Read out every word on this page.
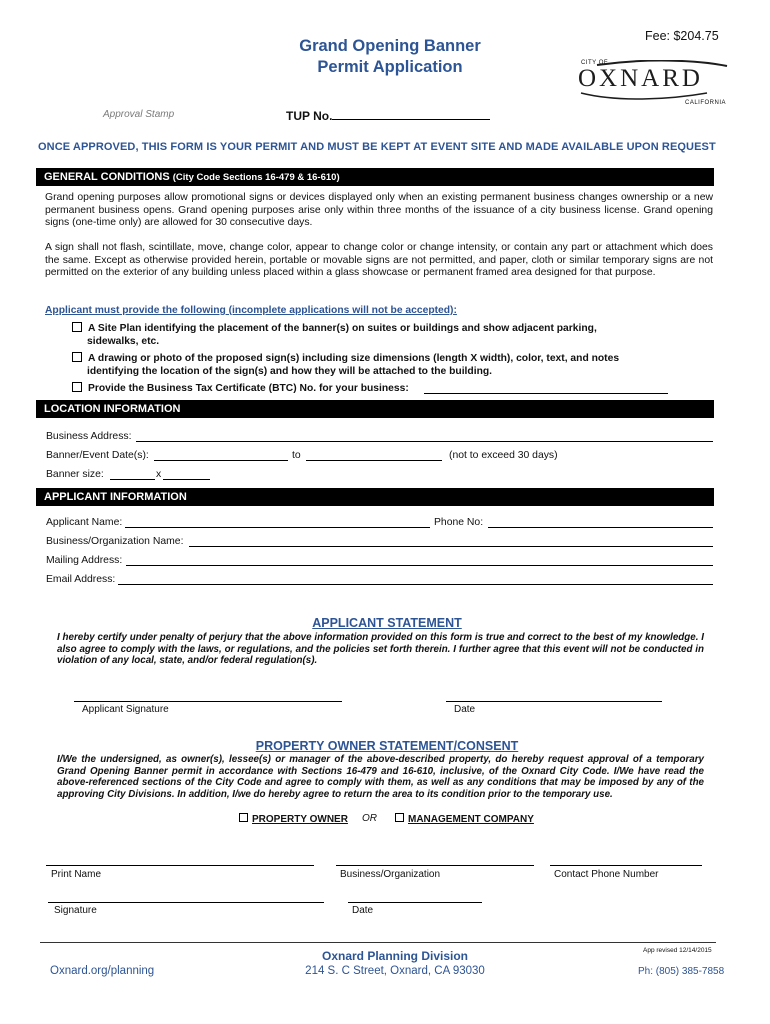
Fee: $204.75
Grand Opening Banner
Permit Application	CITY OF
OXNARD
CALIFORNIA
Approval Stamp	TUP No.
ONCE APPROVED, THIS FORM IS YOUR PERMIT AND MUST BE KEPT AT EVENT SITE AND MADE AVAILABLE UPON REQUEST
GENERAL CONDITIONS (City Code Sections 16-479 & 16-610)
Grand opening purposes allow promotional signs or devices displayed only when an existing permanent business changes ownership or a new permanent business opens. Grand opening purposes arise only within three months of the issuance of a city business license. Grand opening signs (one-time only) are allowed for 30 consecutive days.
A sign shall not flash, scintillate, move, change color, appear to change color or change intensity, or contain any part or attachment which does the same. Except as otherwise provided herein, portable or movable signs are not permitted, and paper, cloth or similar temporary signs are not permitted on the exterior of any building unless placed within a glass showcase or permanent framed area designed for that purpose.
Applicant must provide the following (incomplete applications will not be accepted):
A Site Plan identifying the placement of the banner(s) on suites or buildings and show adjacent parking,
sidewalks, etc.
A drawing or photo of the proposed sign(s) including size dimensions (length X width), color, text, and notes
identifying the location of the sign(s) and how they will be attached to the building.
Provide the Business Tax Certificate (BTC) No. for your business:
LOCATION INFORMATION
Business Address:
Banner/Event Date(s):	to	(not to exceed 30 days)
Banner size:	x
APPLICANT INFORMATION
Applicant Name:	Phone No:
Business/Organization Name:
Mailing Address:
Email Address:
APPLICANT STATEMENT
I hereby certify under penalty of perjury that the above information provided on this form is true and correct to the best of my knowledge. I also agree to comply with the laws, or regulations, and the policies set forth therein. I further agree that this event will not be conducted in violation of any local, state, and/or federal regulation(s).
Applicant Signature	Date
PROPERTY OWNER STATEMENT/CONSENT
I/We the undersigned, as owner(s), lessee(s) or manager of the above-described property, do hereby request approval of a temporary Grand Opening Banner permit in accordance with Sections 16-479 and 16-610, inclusive, of the Oxnard City Code. I/We have read the above-referenced sections of the City Code and agree to comply with them, as well as any conditions that may be imposed by any of the approving City Divisions. In addition, I/we do hereby agree to return the area to its condition prior to the temporary use.
PROPERTY OWNER OR	MANAGEMENT COMPANY
Print Name	Business/Organization	Contact Phone Number
Signature	Date
App revised 12/14/2015
Oxnard Planning Division
214 S. C Street, Oxnard, CA 93030
Oxnard.org/planning	Ph: (805) 385-7858
